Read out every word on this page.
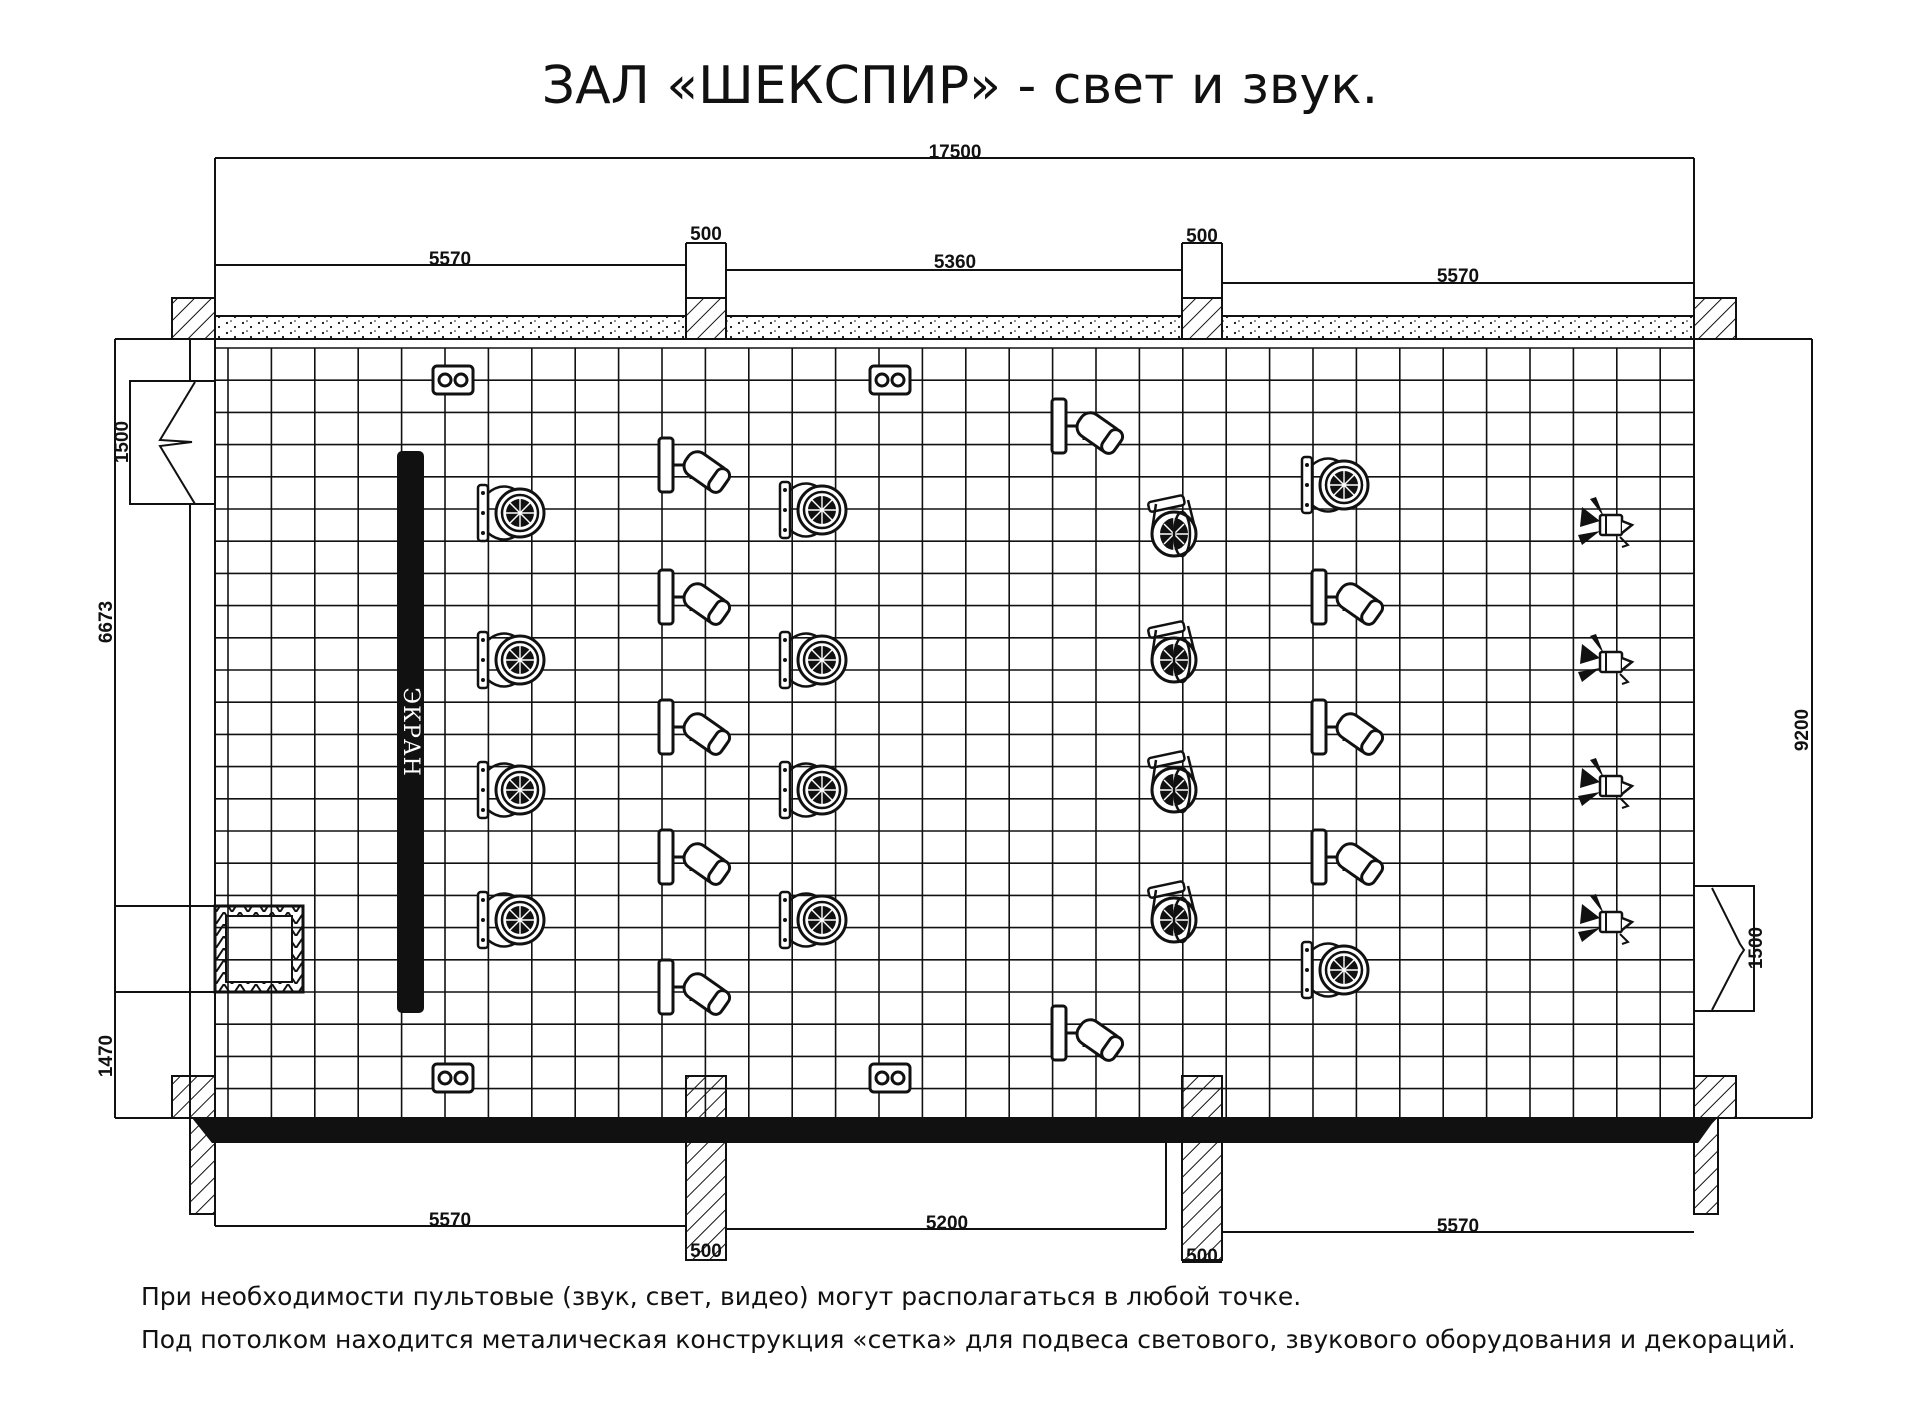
ЗАЛ «ШЕКСПИР» - свет и звук.
17500
5570
500
5360
500
5570
ЭКРАН
1500
6673
1470
9200
1500
5570
500
5200
500
5570
При необходимости пультовые (звук, свет, видео) могут располагаться в любой точке.
Под потолком находится металическая конструкция «сетка» для подвеса светового, звукового оборудования и декораций.
